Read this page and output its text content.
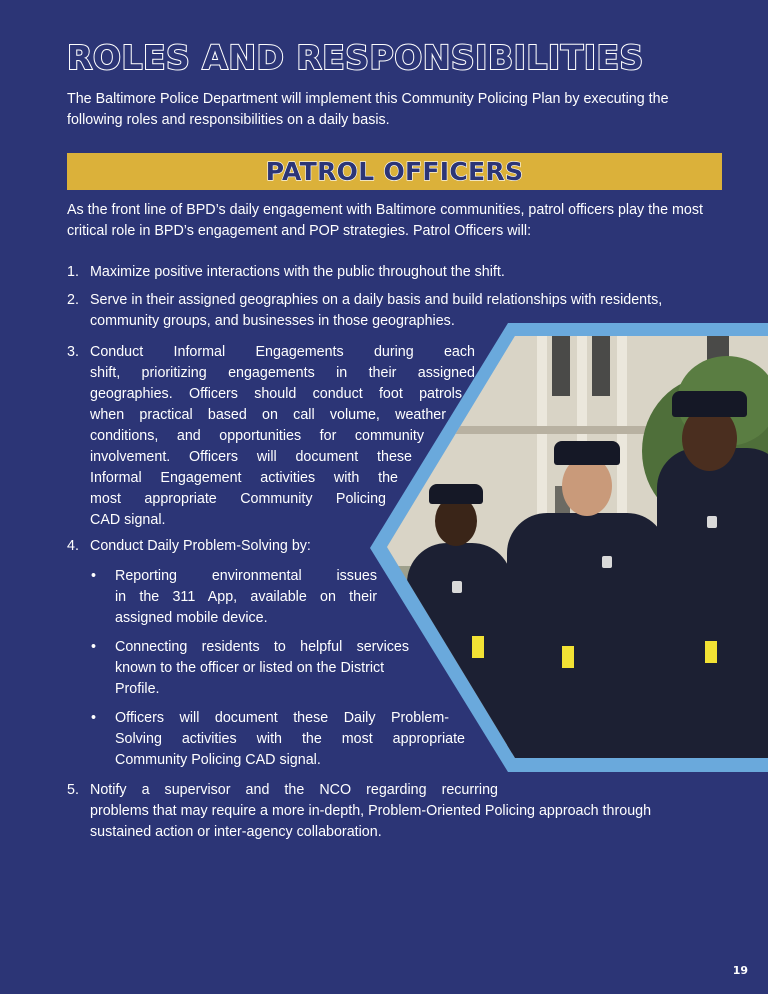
ROLES AND RESPONSIBILITIES
The Baltimore Police Department will implement this Community Policing Plan by executing the following roles and responsibilities on a daily basis.
PATROL OFFICERS
As the front line of BPD’s daily engagement with Baltimore communities, patrol officers play the most critical role in BPD’s engagement and POP strategies. Patrol Officers will:
1. Maximize positive interactions with the public throughout the shift.
2. Serve in their assigned geographies on a daily basis and build relationships with residents, community groups, and businesses in those geographies.
3. Conduct Informal Engagements during each
shift, prioritizing engagements in their assigned
geographies. Officers should conduct foot patrols
when practical based on call volume, weather
conditions, and opportunities for community
involvement. Officers will document these
Informal Engagement activities with the
most appropriate Community Policing
CAD signal.
4. Conduct Daily Problem-Solving by:
• Reporting environmental issues
in the 311 App, available on their
assigned mobile device.
• Connecting residents to helpful services
known to the officer or listed on the District
Profile.
• Officers will document these Daily Problem-
Solving activities with the most appropriate
Community Policing CAD signal.
5. Notify a supervisor and the NCO regarding recurring
problems that may require a more in-depth, Problem-Oriented Policing approach through
sustained action or inter-agency collaboration.
19
